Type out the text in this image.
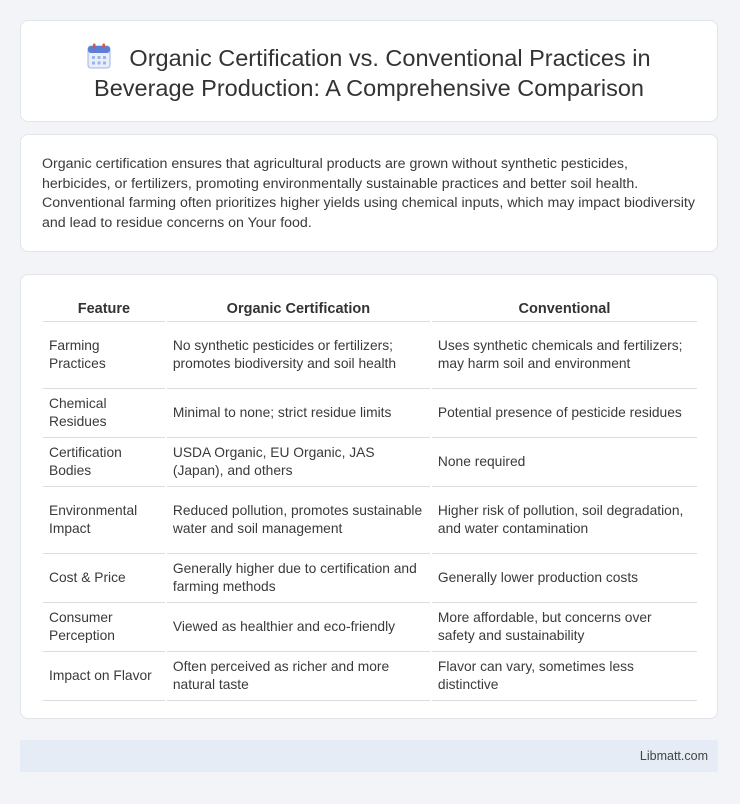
Organic Certification vs. Conventional Practices in Beverage Production: A Comprehensive Comparison

Organic certification ensures that agricultural products are grown without synthetic pesticides, herbicides, or fertilizers, promoting environmentally sustainable practices and better soil health. Conventional farming often prioritizes higher yields using chemical inputs, which may impact biodiversity and lead to residue concerns on Your food.

Feature	Organic Certification	Conventional
Farming Practices	No synthetic pesticides or fertilizers; promotes biodiversity and soil health	Uses synthetic chemicals and fertilizers; may harm soil and environment
Chemical Residues	Minimal to none; strict residue limits	Potential presence of pesticide residues
Certification Bodies	USDA Organic, EU Organic, JAS (Japan), and others	None required
Environmental Impact	Reduced pollution, promotes sustainable water and soil management	Higher risk of pollution, soil degradation, and water contamination
Cost & Price	Generally higher due to certification and farming methods	Generally lower production costs
Consumer Perception	Viewed as healthier and eco-friendly	More affordable, but concerns over safety and sustainability
Impact on Flavor	Often perceived as richer and more natural taste	Flavor can vary, sometimes less distinctive
Libmatt.com
